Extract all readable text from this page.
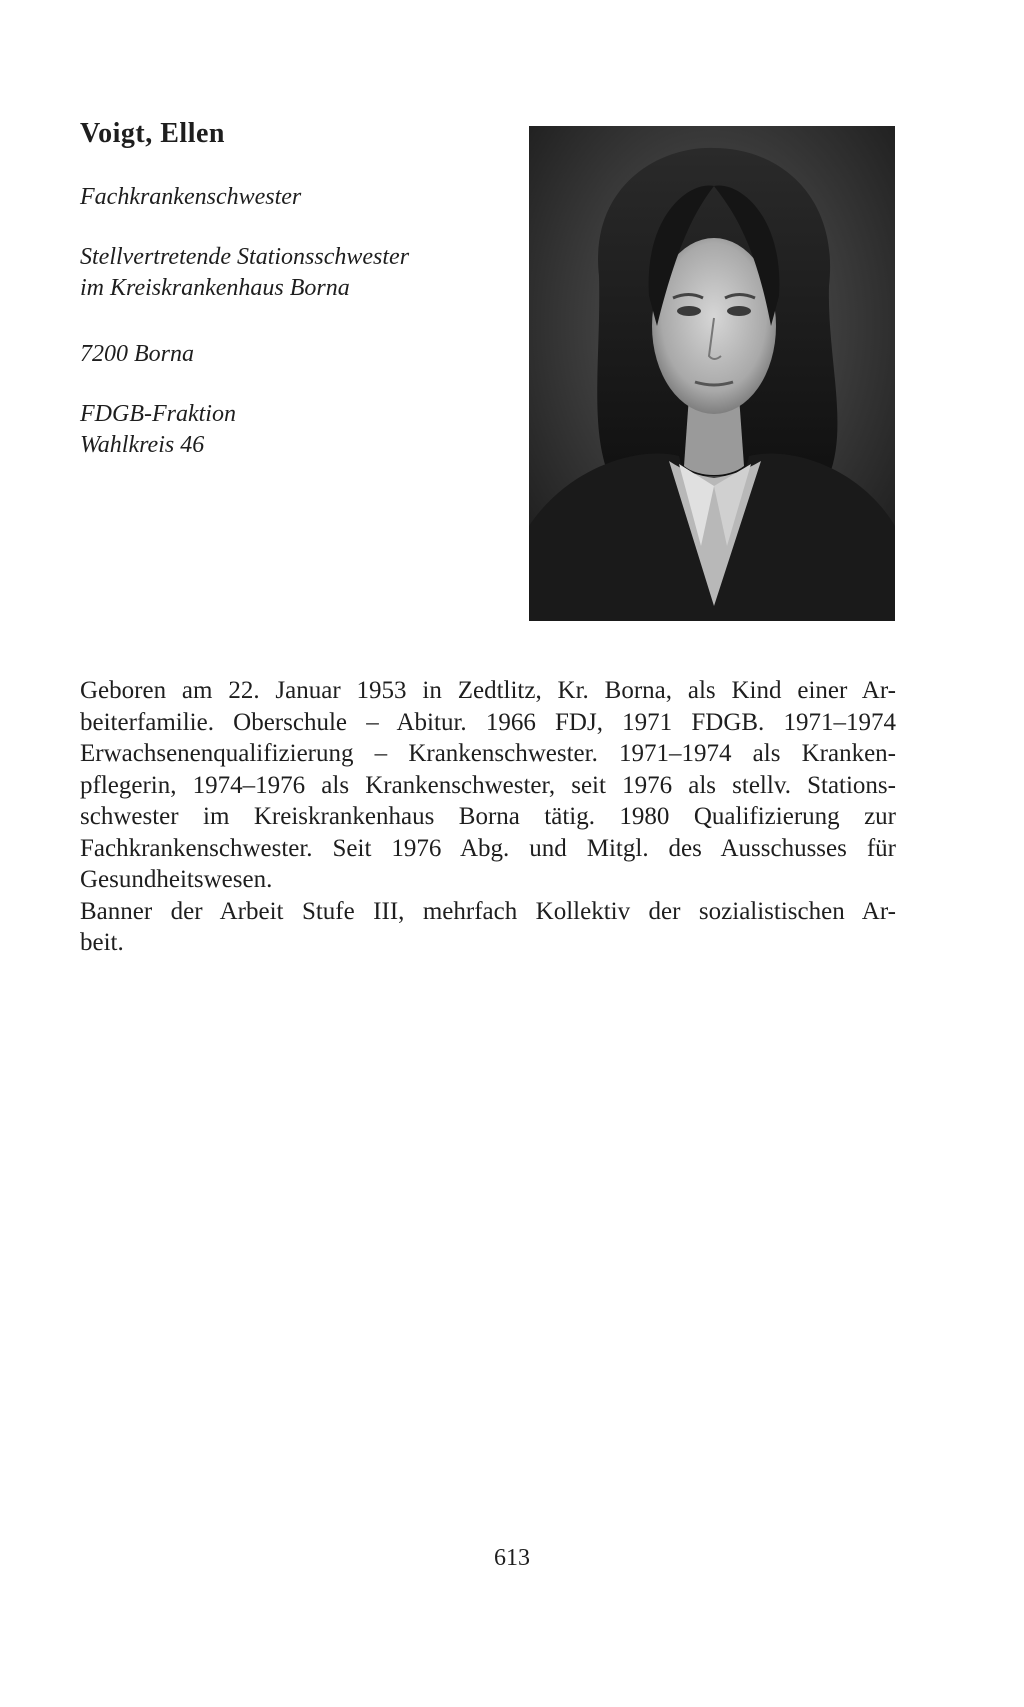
Voigt, Ellen

Fachkrankenschwester

Stellvertretende Stationsschwester
im Kreiskrankenhaus Borna

7200 Borna

FDGB-Fraktion
Wahlkreis 46

Geboren am 22. Januar 1953 in Zedtlitz, Kr. Borna, als Kind einer Ar-
beiterfamilie. Oberschule – Abitur. 1966 FDJ, 1971 FDGB. 1971–1974
Erwachsenenqualifizierung – Krankenschwester. 1971–1974 als Kranken-
pflegerin, 1974–1976 als Krankenschwester, seit 1976 als stellv. Stations-
schwester im Kreiskrankenhaus Borna tätig. 1980 Qualifizierung zur
Fachkrankenschwester. Seit 1976 Abg. und Mitgl. des Ausschusses für
Gesundheitswesen.
Banner der Arbeit Stufe III, mehrfach Kollektiv der sozialistischen Ar-
beit.

613
